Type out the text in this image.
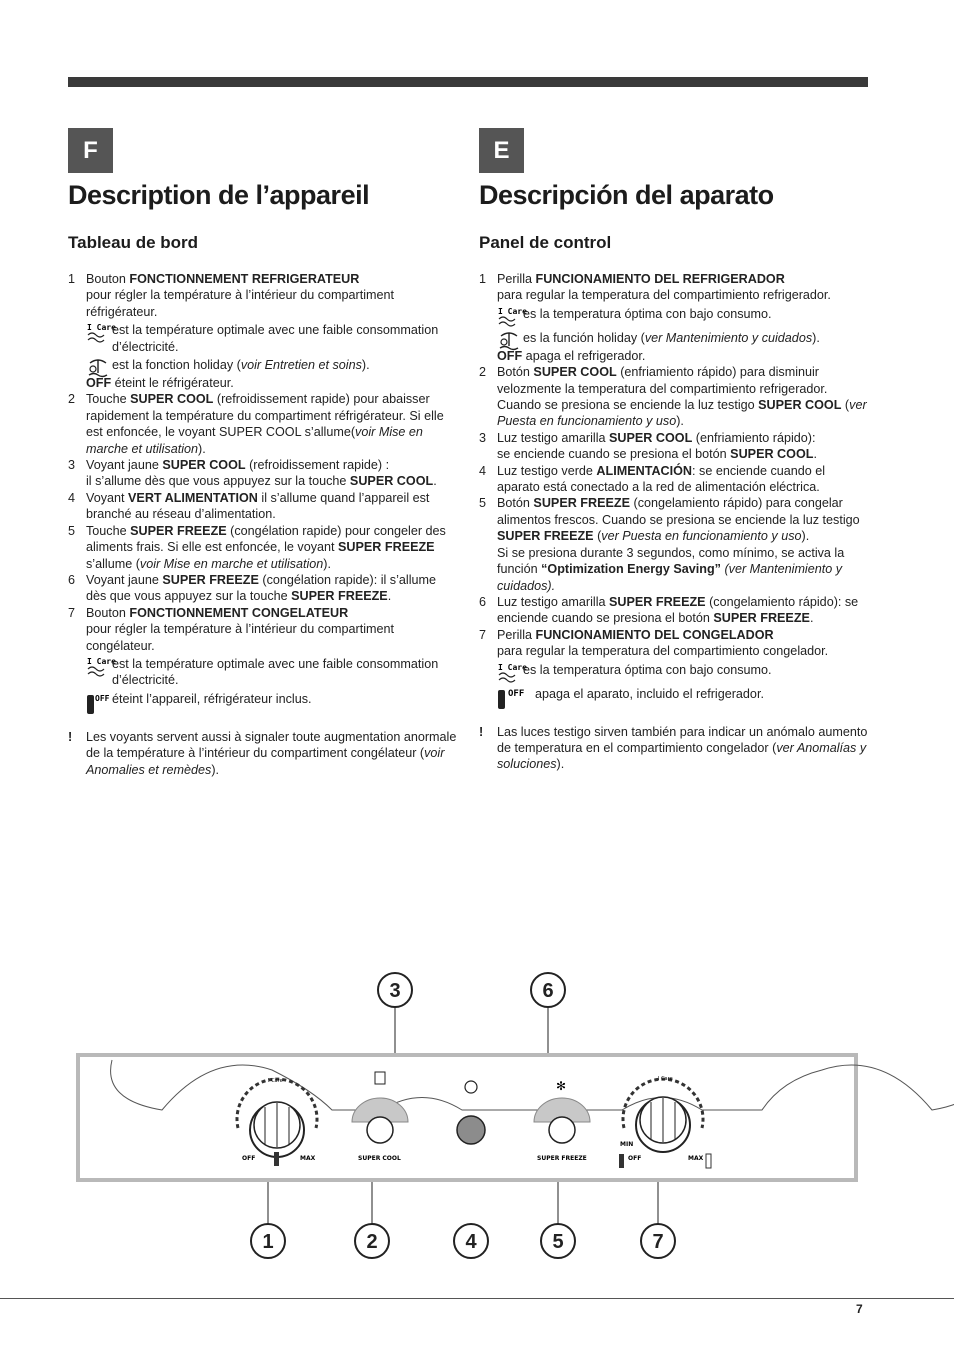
F
Description de l’appareil
Tableau de bord
1 Bouton FONCTIONNEMENT REFRIGERATEUR
pour régler la température à l’intérieur du compartiment réfrigérateur.
I Care
est la température optimale avec une faible consommation d’électricité.
est la fonction holiday (voir Entretien et soins).
OFF éteint le réfrigérateur.
2 Touche SUPER COOL (refroidissement rapide) pour abaisser rapidement la température du compartiment réfrigérateur. Si elle est enfoncée, le voyant SUPER COOL s’allume(voir Mise en marche et utilisation).
3 Voyant jaune SUPER COOL (refroidissement rapide) :
il s’allume dès que vous appuyez sur la touche SUPER COOL.
4 Voyant VERT ALIMENTATION il s’allume quand l’appareil est branché au réseau d’alimentation.
5 Touche SUPER FREEZE (congélation rapide) pour congeler des aliments frais. Si elle est enfoncée, le voyant SUPER FREEZE s’allume (voir Mise en marche et utilisation).
6 Voyant jaune SUPER FREEZE (congélation rapide): il s’allume dès que vous appuyez sur la touche SUPER FREEZE.
7 Bouton FONCTIONNEMENT CONGELATEUR
pour régler la température à l’intérieur du compartiment congélateur.
I Care
est la température optimale avec une faible consommation d’électricité.
OFF éteint l’appareil, réfrigérateur inclus.
! Les voyants servent aussi à signaler toute augmentation anormale de la température à l’intérieur du compartiment congélateur (voir Anomalies et remèdes).
E
Descripción del aparato
Panel de control
1 Perilla FUNCIONAMIENTO DEL REFRIGERADOR
para regular la temperatura del compartimiento refrigerador.
I Care
es la temperatura óptima con bajo consumo.
es la función holiday (ver Mantenimiento y cuidados).
OFF apaga el refrigerador.
2 Botón SUPER COOL (enfriamiento rápido) para disminuir velozmente la temperatura del compartimiento refrigerador. Cuando se presiona se enciende la luz testigo SUPER COOL (ver Puesta en funcionamiento y uso).
3 Luz testigo amarilla SUPER COOL (enfriamiento rápido):
se enciende cuando se presiona el botón SUPER COOL.
4 Luz testigo verde ALIMENTACIÓN: se enciende cuando el aparato está conectado a la red de alimentación eléctrica.
5 Botón SUPER FREEZE (congelamiento rápido) para congelar alimentos frescos. Cuando se presiona se enciende la luz testigo SUPER FREEZE (ver Puesta en funcionamiento y uso).
Si se presiona durante 3 segundos, como mínimo, se activa la función “Optimization Energy Saving” (ver Mantenimiento y cuidados).
6 Luz testigo amarilla SUPER FREEZE (congelamiento rápido): se enciende cuando se presiona el botón SUPER FREEZE.
7 Perilla FUNCIONAMIENTO DEL CONGELADOR
para regular la temperatura del compartimiento congelador.
I Care
es la temperatura óptima con bajo consumo.
OFF apaga el aparato, incluido el refrigerador.
! Las luces testigo sirven también para indicar un anómalo aumento de temperatura en el compartimiento congelador (ver Anomalías y soluciones).
OFF	MAX
I Care
SUPER COOL
✻
SUPER FREEZE
MIN
OFF	MAX
I Care
3	6
1	2	4	5	7
7
